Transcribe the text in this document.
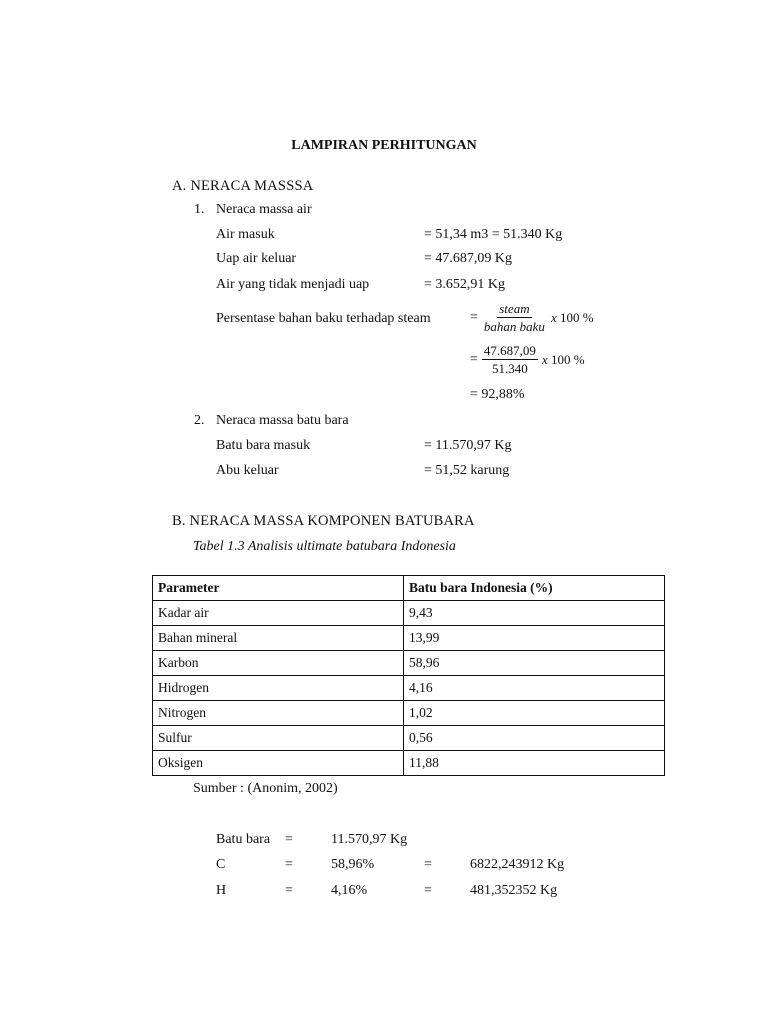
LAMPIRAN PERHITUNGAN
A. NERACA MASSSA
1. Neraca massa air
Air masuk	= 51,34 m3 = 51.340 Kg
Uap air keluar	= 47.687,09 Kg
Air yang tidak menjadi uap	= 3.652,91 Kg
Persentase bahan baku terhadap steam	= $\frac{\text{steam}}{\text{bahan baku}}$ x 100 %
= $\frac{47.687,09}{51.340}$ x 100 %
= 92,88%
2. Neraca massa batu bara
Batu bara masuk	= 11.570,97 Kg
Abu keluar	= 51,52 karung
B. NERACA MASSA KOMPONEN BATUBARA
Tabel 1.3 Analisis ultimate batubara Indonesia
Parameter	Batu bara Indonesia (%)
Kadar air	9,43
Bahan mineral	13,99
Karbon	58,96
Hidrogen	4,16
Nitrogen	1,02
Sulfur	0,56
Oksigen	11,88
Sumber : (Anonim, 2002)
Batu bara =	11.570,97 Kg
C	=	58,96%	=	6822,243912 Kg
H	=	4,16%	=	481,352352 Kg
